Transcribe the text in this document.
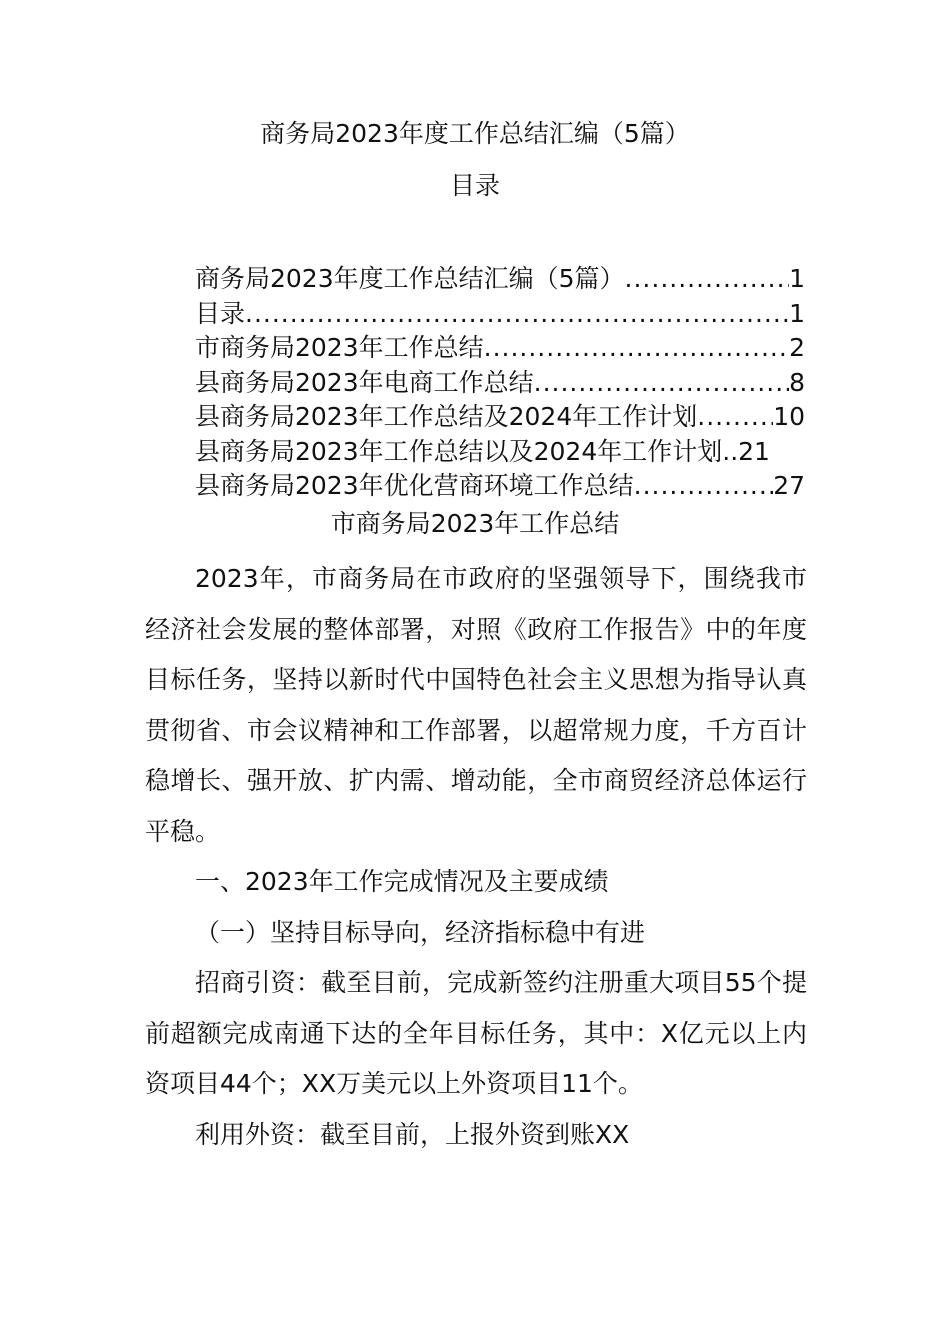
商务局2023年度工作总结汇编（5篇）
目录
商务局2023年度工作总结汇编（5篇） .....	1
目录 .....	1
市商务局2023年工作总结 .....	2
县商务局2023年电商工作总结 .....	8
县商务局2023年工作总结及2024年工作计划 .....	10
县商务局2023年工作总结以及2024年工作计划. .21
县商务局2023年优化营商环境工作总结 .....	27
市商务局2023年工作总结

2023年，市商务局在市政府的坚强领导下，围绕我市经济社会发展的整体部署，对照《政府工作报告》中的年度目标任务，坚持以新时代中国特色社会主义思想为指导认真贯彻省、市会议精神和工作部署，以超常规力度，千方百计稳增长、强开放、扩内需、增动能，全市商贸经济总体运行平稳。

一、2023年工作完成情况及主要成绩

（一）坚持目标导向，经济指标稳中有进

招商引资：截至目前，完成新签约注册重大项目55个提前超额完成南通下达的全年目标任务，其中：X亿元以上内资项目44个；XX万美元以上外资项目11个。

利用外资：截至目前，上报外资到账XX
